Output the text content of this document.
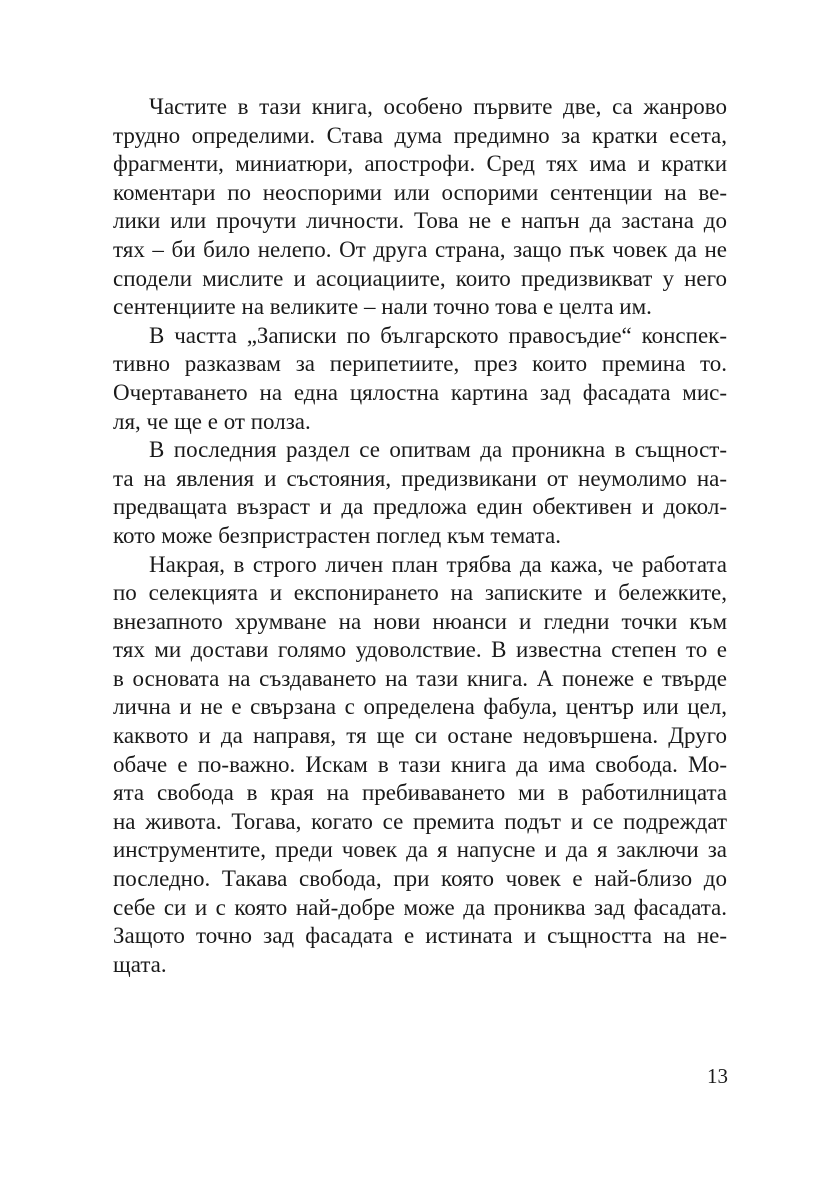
Частите в тази книга, особено първите две, са жанрово
трудно определими. Става дума предимно за кратки есета,
фрагменти, миниатюри, апострофи. Сред тях има и кратки
коментари по неоспорими или оспорими сентенции на ве-
лики или прочути личности. Това не е напън да застана до
тях – би било нелепо. От друга страна, защо пък човек да не
сподели мислите и асоциациите, които предизвикват у него
сентенциите на великите – нали точно това е целта им.
В частта „Записки по българското правосъдие“ конспек-
тивно разказвам за перипетиите, през които премина то.
Очертаването на една цялостна картина зад фасадата мис-
ля, че ще е от полза.
В последния раздел се опитвам да проникна в същност-
та на явления и състояния, предизвикани от неумолимо на-
предващата възраст и да предложа един обективен и докол-
кото може безпристрастен поглед към темата.
Накрая, в строго личен план трябва да кажа, че работата
по селекцията и експонирането на записките и бележките,
внезапното хрумване на нови нюанси и гледни точки към
тях ми достави голямо удоволствие. В известна степен то е
в основата на създаването на тази книга. А понеже е твърде
лична и не е свързана с определена фабула, център или цел,
каквото и да направя, тя ще си остане недовършена. Друго
обаче е по-важно. Искам в тази книга да има свобода. Мо-
ята свобода в края на пребиваването ми в работилницата
на живота. Тогава, когато се премита подът и се подреждат
инструментите, преди човек да я напусне и да я заключи за
последно. Такава свобода, при която човек е най-близо до
себе си и с която най-добре може да прониква зад фасадата.
Защото точно зад фасадата е истината и същността на не-
щата.
13
